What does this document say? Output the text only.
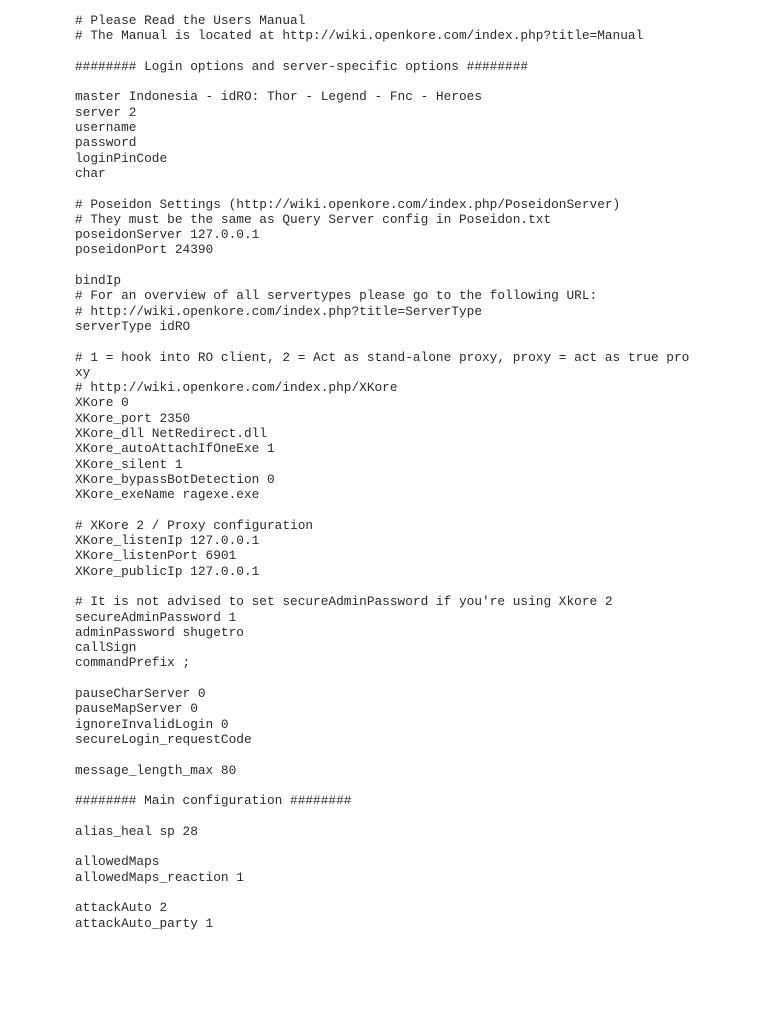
# Please Read the Users Manual
# The Manual is located at http://wiki.openkore.com/index.php?title=Manual
######## Login options and server-specific options ########
master Indonesia - idRO: Thor - Legend - Fnc - Heroes
server 2
username
password
loginPinCode
char
# Poseidon Settings (http://wiki.openkore.com/index.php/PoseidonServer)
# They must be the same as Query Server config in Poseidon.txt
poseidonServer 127.0.0.1
poseidonPort 24390
bindIp
# For an overview of all servertypes please go to the following URL:
# http://wiki.openkore.com/index.php?title=ServerType
serverType idRO
# 1 = hook into RO client, 2 = Act as stand-alone proxy, proxy = act as true pro
xy
# http://wiki.openkore.com/index.php/XKore
XKore 0
XKore_port 2350
XKore_dll NetRedirect.dll
XKore_autoAttachIfOneExe 1
XKore_silent 1
XKore_bypassBotDetection 0
XKore_exeName ragexe.exe
# XKore 2 / Proxy configuration
XKore_listenIp 127.0.0.1
XKore_listenPort 6901
XKore_publicIp 127.0.0.1
# It is not advised to set secureAdminPassword if you're using Xkore 2
secureAdminPassword 1
adminPassword shugetro
callSign
commandPrefix ;
pauseCharServer 0
pauseMapServer 0
ignoreInvalidLogin 0
secureLogin_requestCode
message_length_max 80
######## Main configuration ########
alias_heal sp 28
allowedMaps
allowedMaps_reaction 1
attackAuto 2
attackAuto_party 1
